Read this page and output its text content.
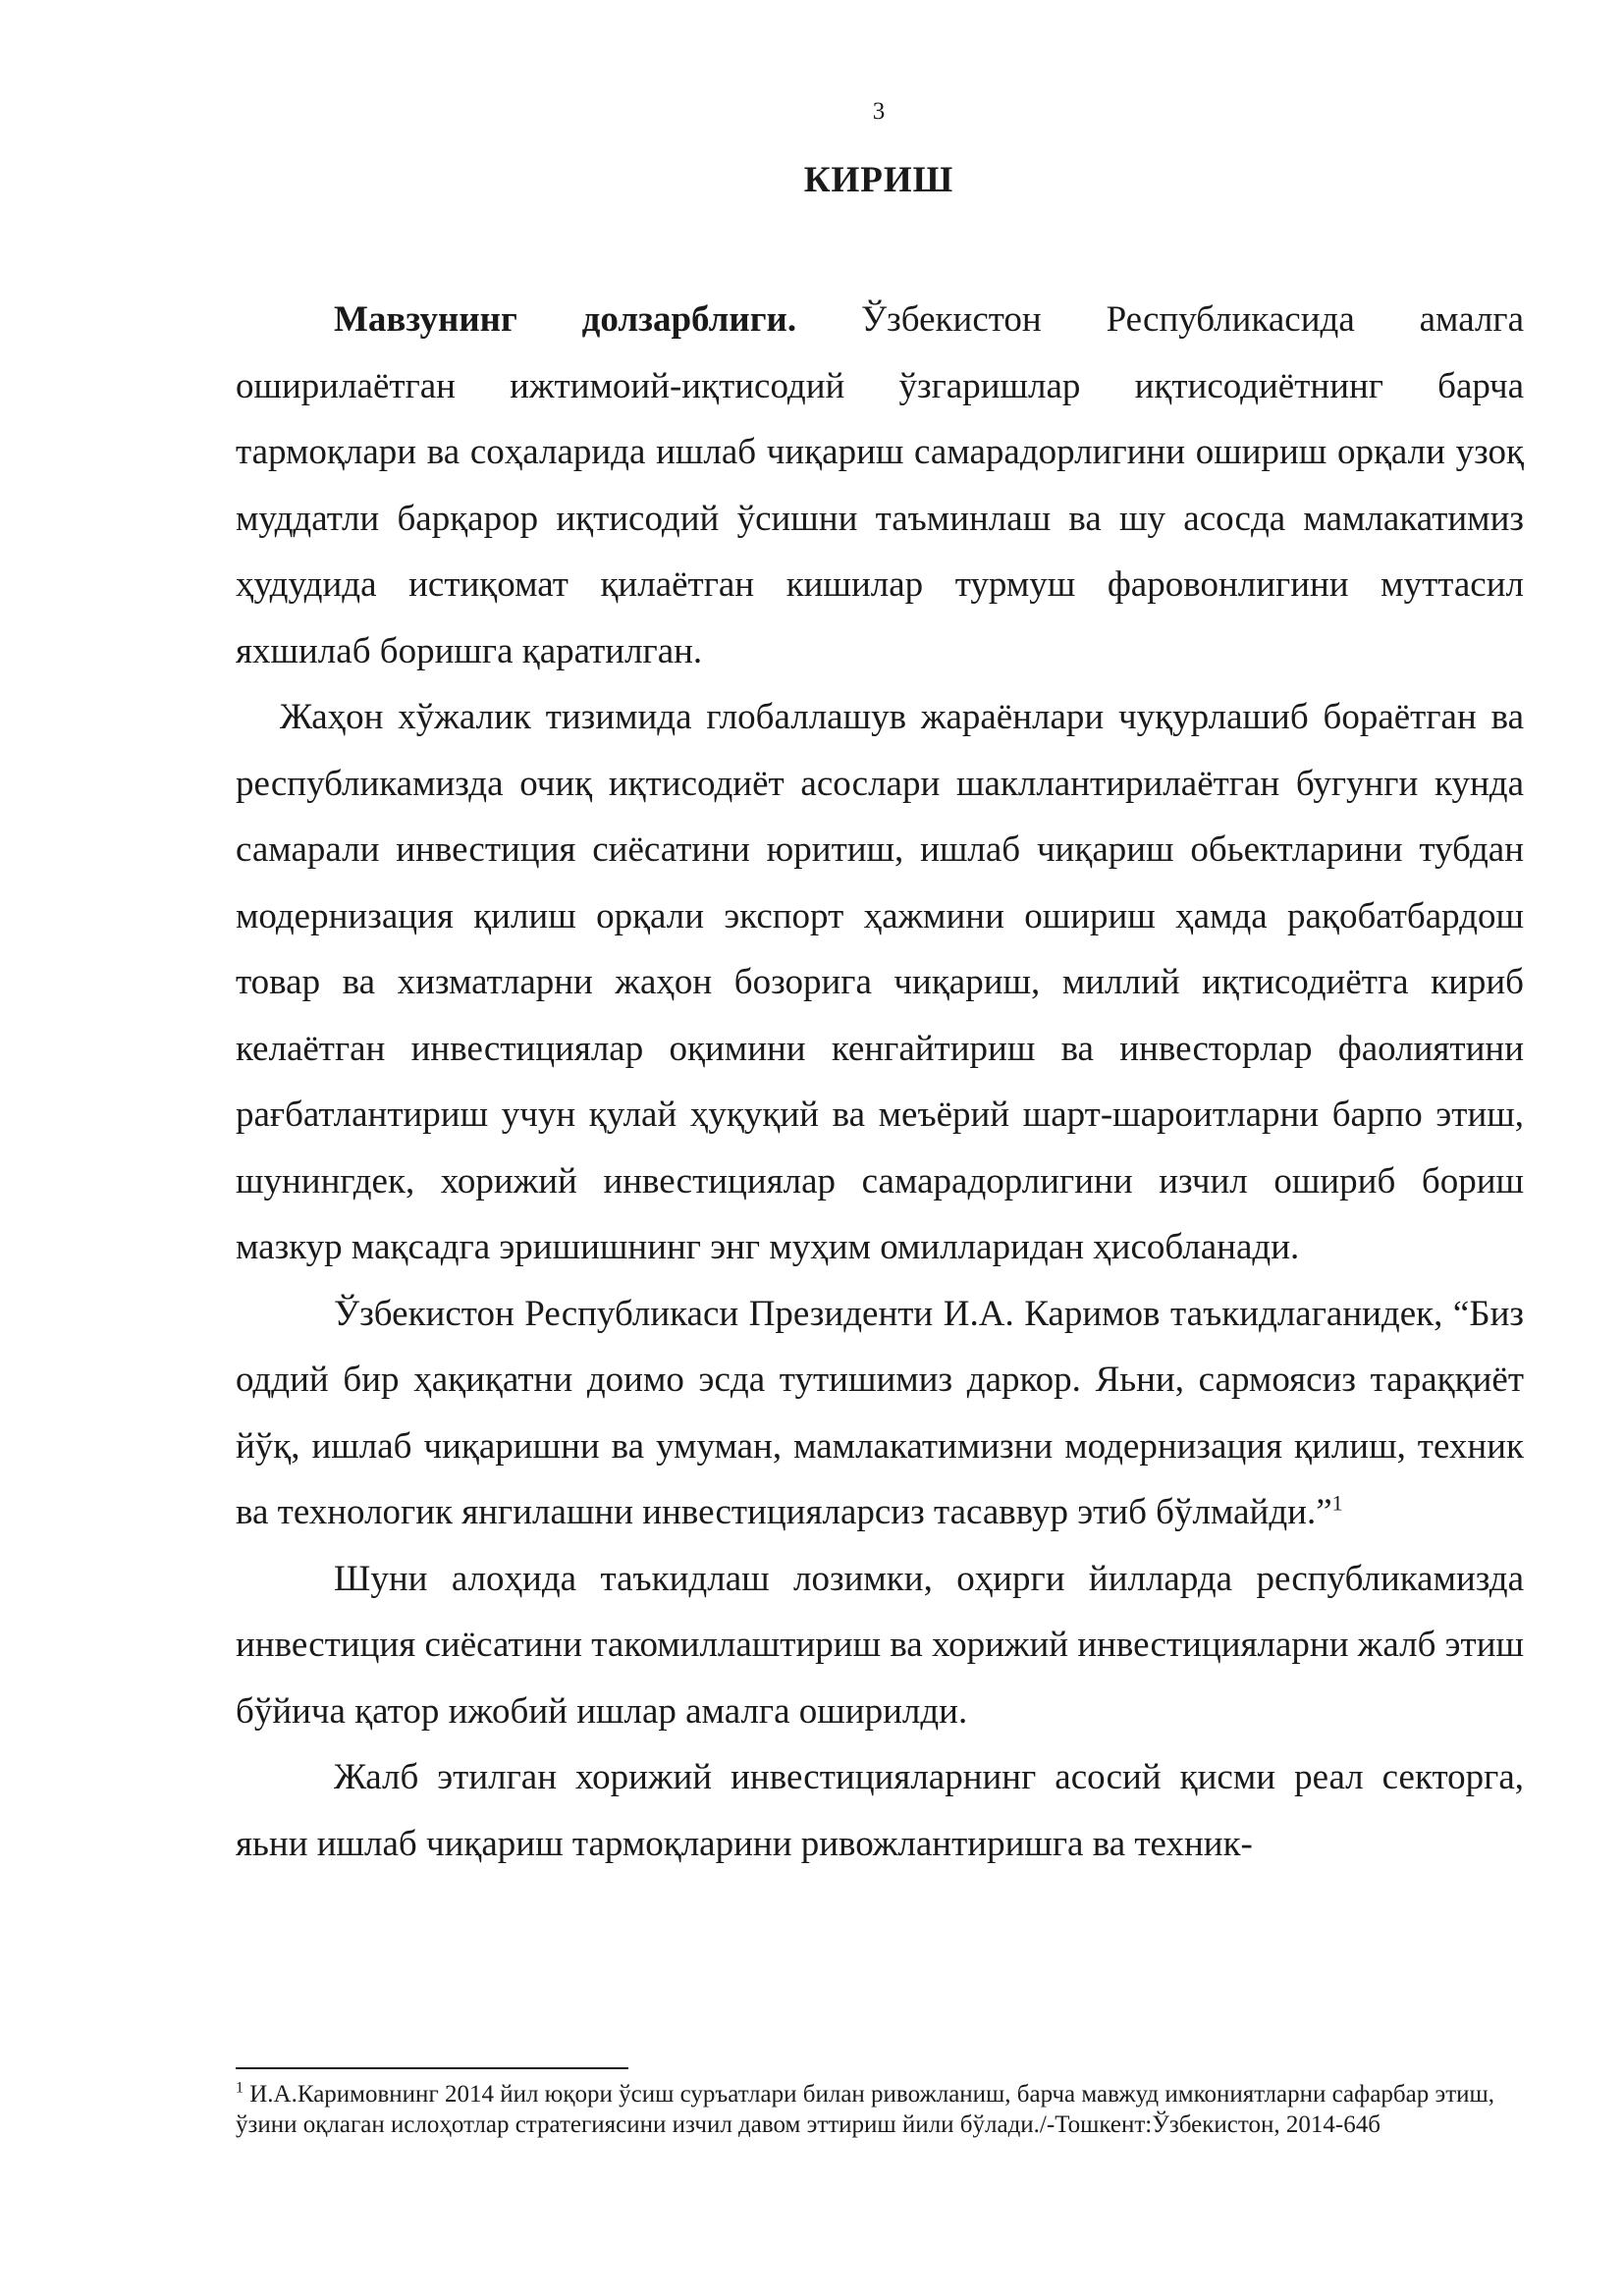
3
КИРИШ

Мавзунинг долзарблиги. Ўзбекистон Республикасида амалга оширилаётган ижтимоий-иқтисодий ўзгаришлар иқтисодиётнинг барча тармоқлари ва соҳаларида ишлаб чиқариш самарадорлигини ошириш орқали узоқ муддатли барқарор иқтисодий ўсишни таъминлаш ва шу асосда мамлакатимиз ҳудудида истиқомат қилаётган кишилар турмуш фаровонлигини муттасил яхшилаб боришга қаратилган.

Жаҳон хўжалик тизимида глобаллашув жараёнлари чуқурлашиб бораётган ва республикамизда очиқ иқтисодиёт асослари шакллантирилаётган бугунги кунда самарали инвестиция сиёсатини юритиш, ишлаб чиқариш обьектларини тубдан модернизация қилиш орқали экспорт ҳажмини ошириш ҳамда рақобатбардош товар ва хизматларни жаҳон бозорига чиқариш, миллий иқтисодиётга кириб келаётган инвестициялар оқимини кенгайтириш ва инвесторлар фаолиятини рағбатлантириш учун қулай ҳуқуқий ва меъёрий шарт-шароитларни барпо этиш, шунингдек, хорижий инвестициялар самарадорлигини изчил ошириб бориш мазкур мақсадга эришишнинг энг муҳим омилларидан ҳисобланади.

Ўзбекистон Республикаси Президенти И.А. Каримов таъкидлаганидек, “Биз оддий бир ҳақиқатни доимо эсда тутишимиз даркор. Яьни, сармоясиз тараққиёт йўқ, ишлаб чиқаришни ва умуман, мамлакатимизни модернизация қилиш, техник ва технологик янгилашни инвестицияларсиз тасаввур этиб бўлмайди.”$^1$

Шуни алоҳида таъкидлаш лозимки, оҳирги йилларда республикамизда инвестиция сиёсатини такомиллаштириш ва хорижий инвестицияларни жалб этиш бўйича қатор ижобий ишлар амалга оширилди.

Жалб этилган хорижий инвестицияларнинг асосий қисми реал секторга, яьни ишлаб чиқариш тармоқларини ривожлантиришга ва техник-

$^1$ И.А.Каримовнинг 2014 йил юқори ўсиш суръатлари билан ривожланиш, барча мавжуд имкониятларни сафарбар этиш, ўзини оқлаган ислоҳотлар стратегиясини изчил давом эттириш йили бўлади./-Тошкент:Ўзбекистон, 2014-64б
